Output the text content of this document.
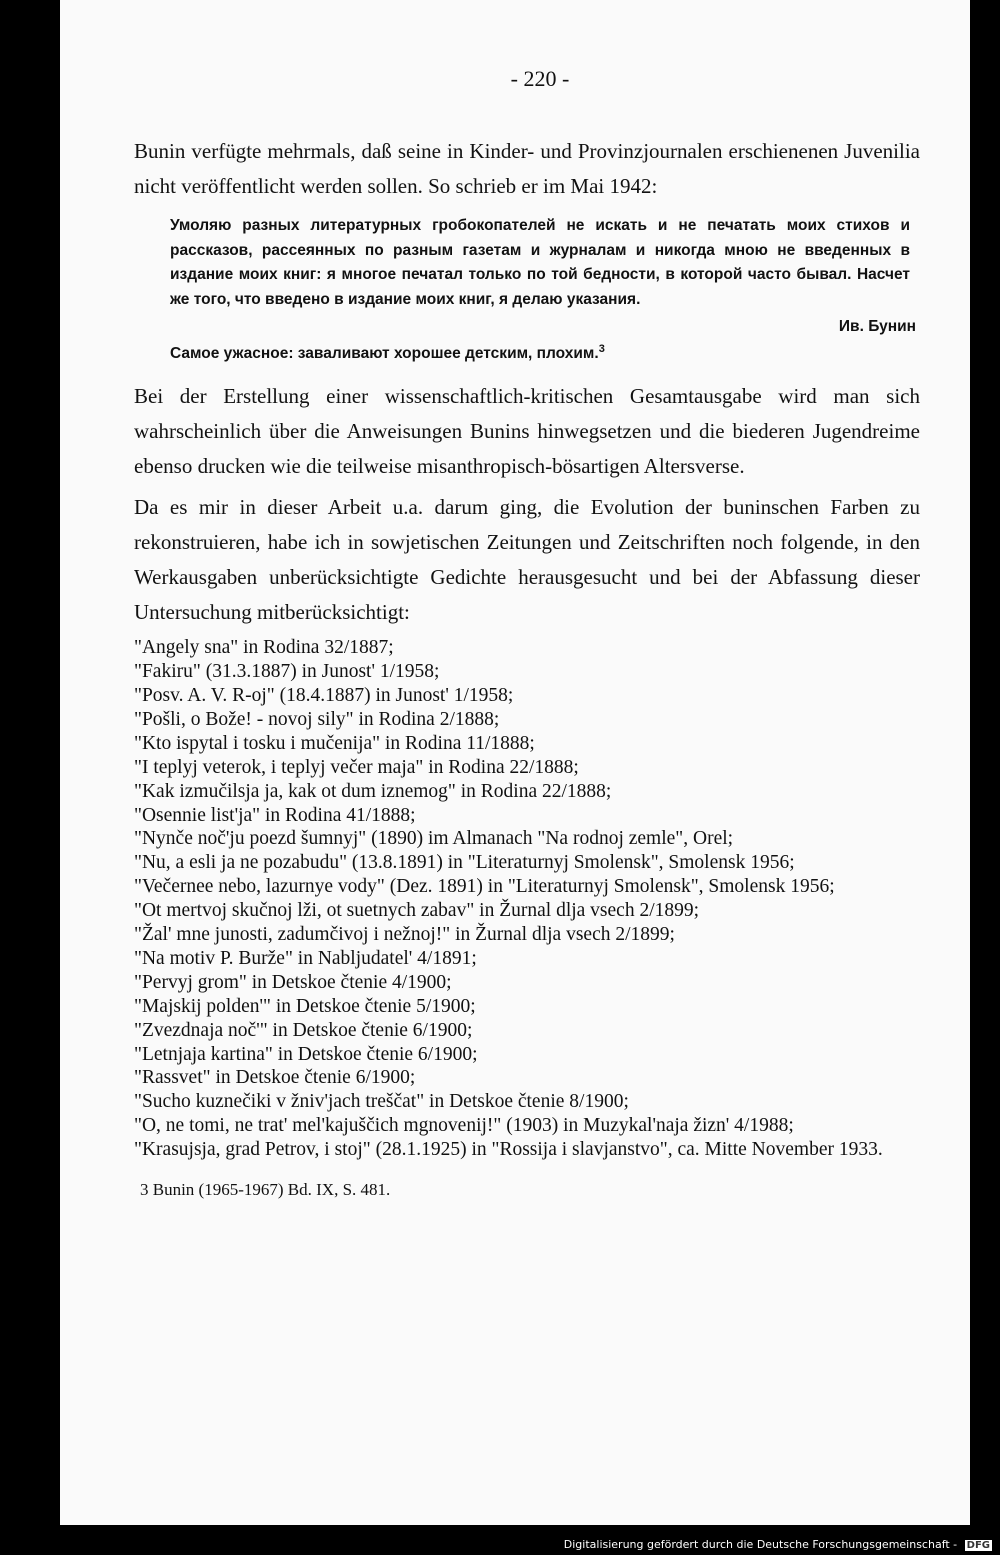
- 220 -

Bunin verfügte mehrmals, daß seine in Kinder- und Provinzjournalen erschienenen Juvenilia nicht veröffentlicht werden sollen. So schrieb er im Mai 1942:

Умоляю разных литературных гробокопателей не искать и не печатать моих стихов и рассказов, рассеянных по разным газетам и журналам и никогда мною не введенных в издание моих книг: я многое печатал только по той бедности, в которой часто бывал. Насчет же того, что введено в издание моих книг, я делаю указания.
Ив. Бунин
Самое ужасное: заваливают хорошее детским, плохим.$^3$

Bei der Erstellung einer wissenschaftlich-kritischen Gesamtausgabe wird man sich wahrscheinlich über die Anweisungen Bunins hinwegsetzen und die biederen Jugendreime ebenso drucken wie die teilweise misanthropisch-bösartigen Altersverse.

Da es mir in dieser Arbeit u.a. darum ging, die Evolution der buninschen Farben zu rekonstruieren, habe ich in sowjetischen Zeitungen und Zeitschriften noch folgende, in den Werkausgaben unberücksichtigte Gedichte herausgesucht und bei der Abfassung dieser Untersuchung mitberücksichtigt:

"Angely sna" in Rodina 32/1887;
"Fakiru" (31.3.1887) in Junost' 1/1958;
"Posv. A. V. R-oj" (18.4.1887) in Junost' 1/1958;
"Pošli, o Bože! - novoj sily" in Rodina 2/1888;
"Kto ispytal i tosku i mučenija" in Rodina 11/1888;
"I teplyj veterok, i teplyj večer maja" in Rodina 22/1888;
"Kak izmučilsja ja, kak ot dum iznemog" in Rodina 22/1888;
"Osennie list'ja" in Rodina 41/1888;
"Nynče noč'ju poezd šumnyj" (1890) im Almanach "Na rodnoj zemle", Orel;
"Nu, a esli ja ne pozabudu" (13.8.1891) in "Literaturnyj Smolensk", Smolensk 1956;
"Večernee nebo, lazurnye vody" (Dez. 1891) in "Literaturnyj Smolensk", Smolensk 1956;
"Ot mertvoj skučnoj lži, ot suetnych zabav" in Žurnal dlja vsech 2/1899;
"Žal' mne junosti, zadumčivoj i nežnoj!" in Žurnal dlja vsech 2/1899;
"Na motiv P. Burže" in Nabljudatel' 4/1891;
"Pervyj grom" in Detskoe čtenie 4/1900;
"Majskij polden'" in Detskoe čtenie 5/1900;
"Zvezdnaja noč'" in Detskoe čtenie 6/1900;
"Letnjaja kartina" in Detskoe čtenie 6/1900;
"Rassvet" in Detskoe čtenie 6/1900;
"Sucho kuznečiki v žniv'jach treščat" in Detskoe čtenie 8/1900;
"O, ne tomi, ne trat' mel'kajuščich mgnovenij!" (1903) in Muzykal'naja žizn' 4/1988;
"Krasujsja, grad Petrov, i stoj" (28.1.1925) in "Rossija i slavjanstvo", ca. Mitte November 1933.
3 Bunin (1965-1967) Bd. IX, S. 481.
Digitalisierung gefördert durch die Deutsche Forschungsgemeinschaft - DFG
